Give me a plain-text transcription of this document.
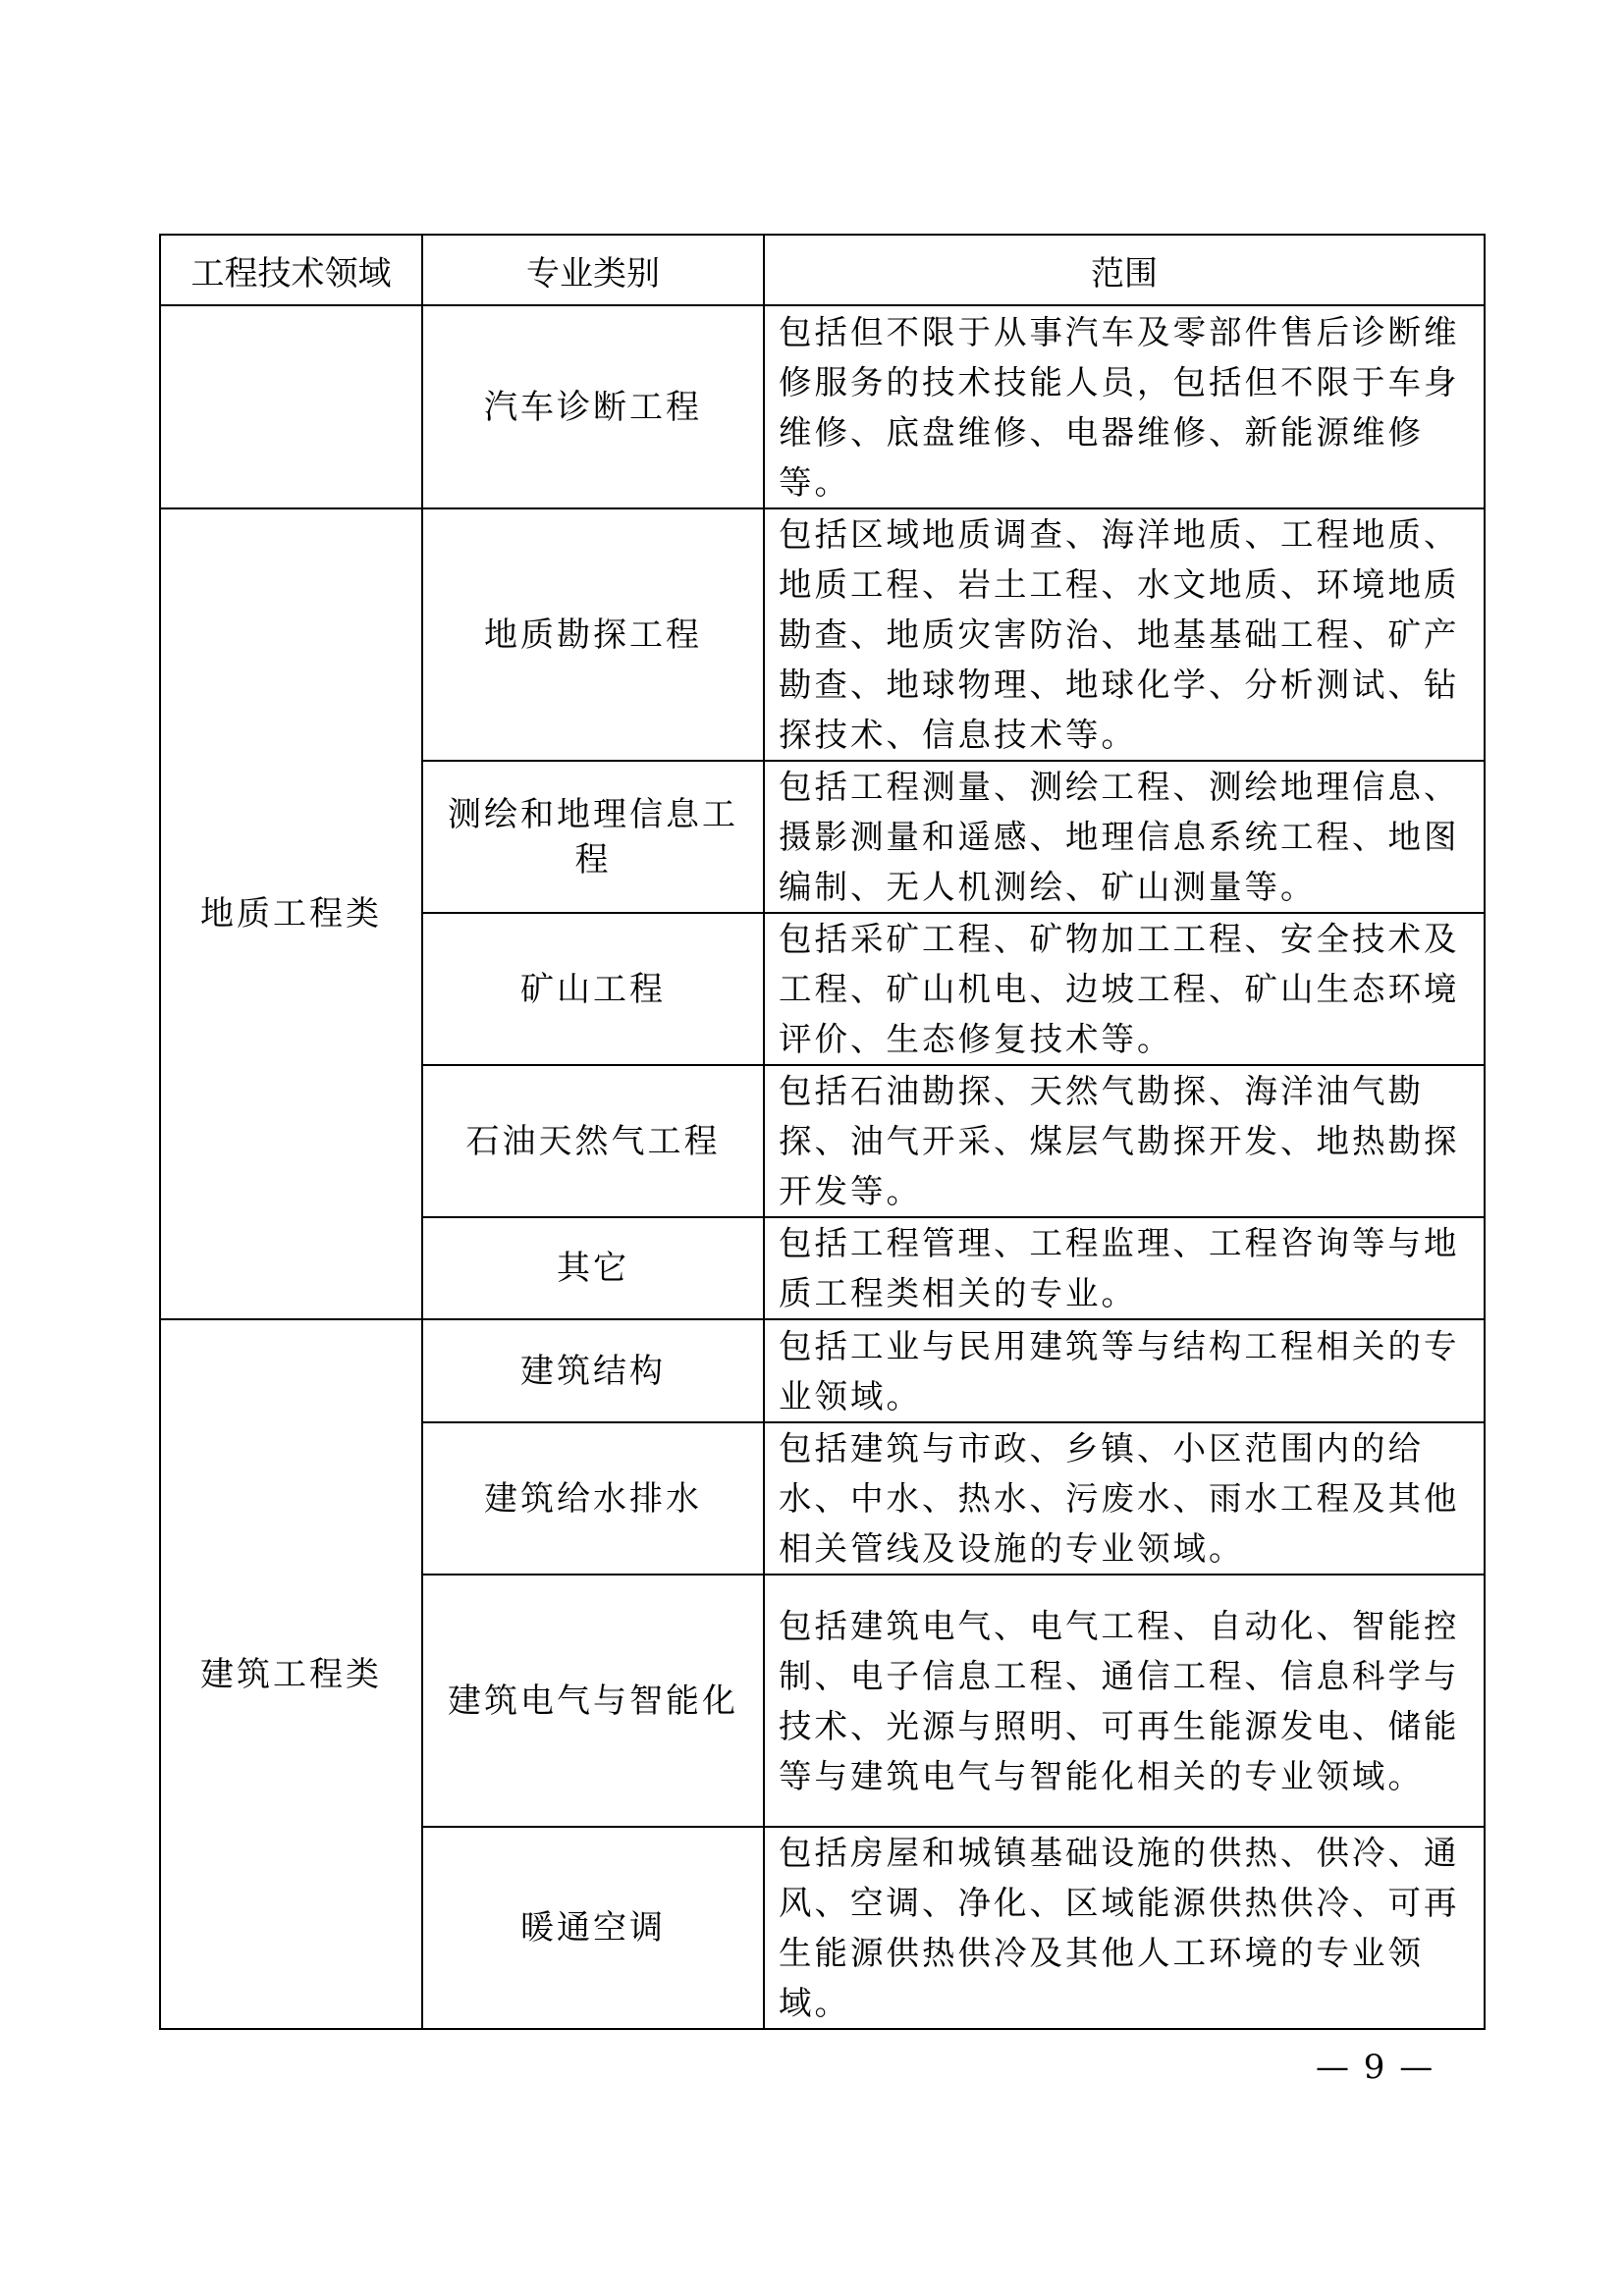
工程技术领域	专业类别	范围
	汽车诊断工程	包括但不限于从事汽车及零部件售后诊断维修服务的技术技能人员，包括但不限于车身维修、底盘维修、电器维修、新能源维修等。
地质工程类	地质勘探工程	包括区域地质调查、海洋地质、工程地质、地质工程、岩土工程、水文地质、环境地质勘查、地质灾害防治、地基基础工程、矿产勘查、地球物理、地球化学、分析测试、钻探技术、信息技术等。
	测绘和地理信息工程	包括工程测量、测绘工程、测绘地理信息、摄影测量和遥感、地理信息系统工程、地图编制、无人机测绘、矿山测量等。
	矿山工程	包括采矿工程、矿物加工工程、安全技术及工程、矿山机电、边坡工程、矿山生态环境评价、生态修复技术等。
	石油天然气工程	包括石油勘探、天然气勘探、海洋油气勘探、油气开采、煤层气勘探开发、地热勘探开发等。
	其它	包括工程管理、工程监理、工程咨询等与地质工程类相关的专业。
建筑工程类	建筑结构	包括工业与民用建筑等与结构工程相关的专业领域。
	建筑给水排水	包括建筑与市政、乡镇、小区范围内的给水、中水、热水、污废水、雨水工程及其他相关管线及设施的专业领域。
	建筑电气与智能化	包括建筑电气、电气工程、自动化、智能控制、电子信息工程、通信工程、信息科学与技术、光源与照明、可再生能源发电、储能等与建筑电气与智能化相关的专业领域。
	暖通空调	包括房屋和城镇基础设施的供热、供冷、通风、空调、净化、区域能源供热供冷、可再生能源供热供冷及其他人工环境的专业领域。
— 9 —
